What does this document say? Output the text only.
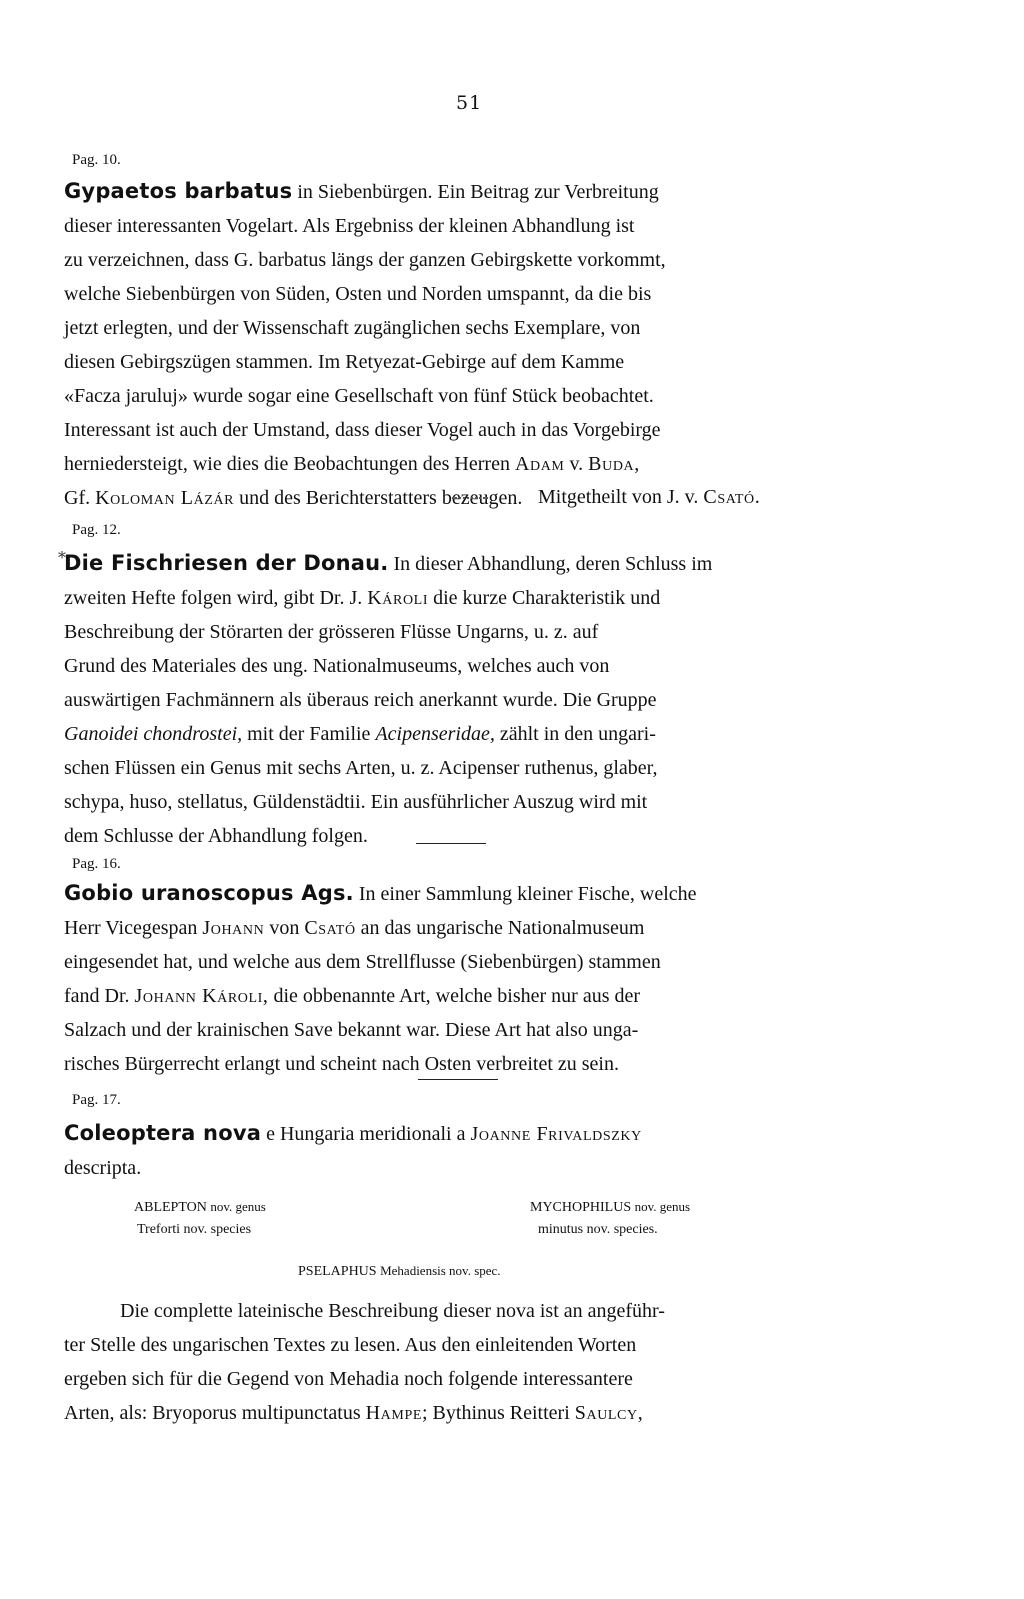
51
Pag. 10.
Gypaetos barbatus in Siebenbürgen. Ein Beitrag zur Verbreitung
dieser interessanten Vogelart. Als Ergebniss der kleinen Abhandlung ist
zu verzeichnen, dass G. barbatus längs der ganzen Gebirgskette vorkommt,
welche Siebenbürgen von Süden, Osten und Norden umspannt, da die bis
jetzt erlegten, und der Wissenschaft zugänglichen sechs Exemplare, von
diesen Gebirgszügen stammen. Im Retyezat-Gebirge auf dem Kamme
«Facza jaruluj» wurde sogar eine Gesellschaft von fünf Stück beobachtet.
Interessant ist auch der Umstand, dass dieser Vogel auch in das Vorgebirge
herniedersteigt, wie dies die Beobachtungen des Herren Adam v. Buda,
Gf. Koloman Lázár und des Berichterstatters bezeugen. Mitgetheilt von J. v. Csató.
Pag. 12.
*
Die Fischriesen der Donau. In dieser Abhandlung, deren Schluss im
zweiten Hefte folgen wird, gibt Dr. J. Károli die kurze Charakteristik und
Beschreibung der Störarten der grösseren Flüsse Ungarns, u. z. auf
Grund des Materiales des ung. Nationalmuseums, welches auch von
auswärtigen Fachmännern als überaus reich anerkannt wurde. Die Gruppe
Ganoidei chondrostei, mit der Familie Acipenseridae, zählt in den ungari-
schen Flüssen ein Genus mit sechs Arten, u. z. Acipenser ruthenus, glaber,
schypa, huso, stellatus, Güldenstädtii. Ein ausführlicher Auszug wird mit
dem Schlusse der Abhandlung folgen.
Pag. 16.
Gobio uranoscopus Ags. In einer Sammlung kleiner Fische, welche
Herr Vicegespan Johann von Csató an das ungarische Nationalmuseum
eingesendet hat, und welche aus dem Strellflusse (Siebenbürgen) stammen
fand Dr. Johann Károli, die obbenannte Art, welche bisher nur aus der
Salzach und der krainischen Save bekannt war. Diese Art hat also unga-
risches Bürgerrecht erlangt und scheint nach Osten verbreitet zu sein.
Pag. 17.
Coleoptera nova e Hungaria meridionali a Joanne Frivaldszky
descripta.
ABLEPTON nov. genus
Treforti nov. species
MYCHOPHILUS nov. genus
minutus nov. species.
PSELAPHUS Mehadiensis nov. spec.
Die complette lateinische Beschreibung dieser nova ist an angeführ-
ter Stelle des ungarischen Textes zu lesen. Aus den einleitenden Worten
ergeben sich für die Gegend von Mehadia noch folgende interessantere
Arten, als: Bryoporus multipunctatus Hampe; Bythinus Reitteri Saulcy,
